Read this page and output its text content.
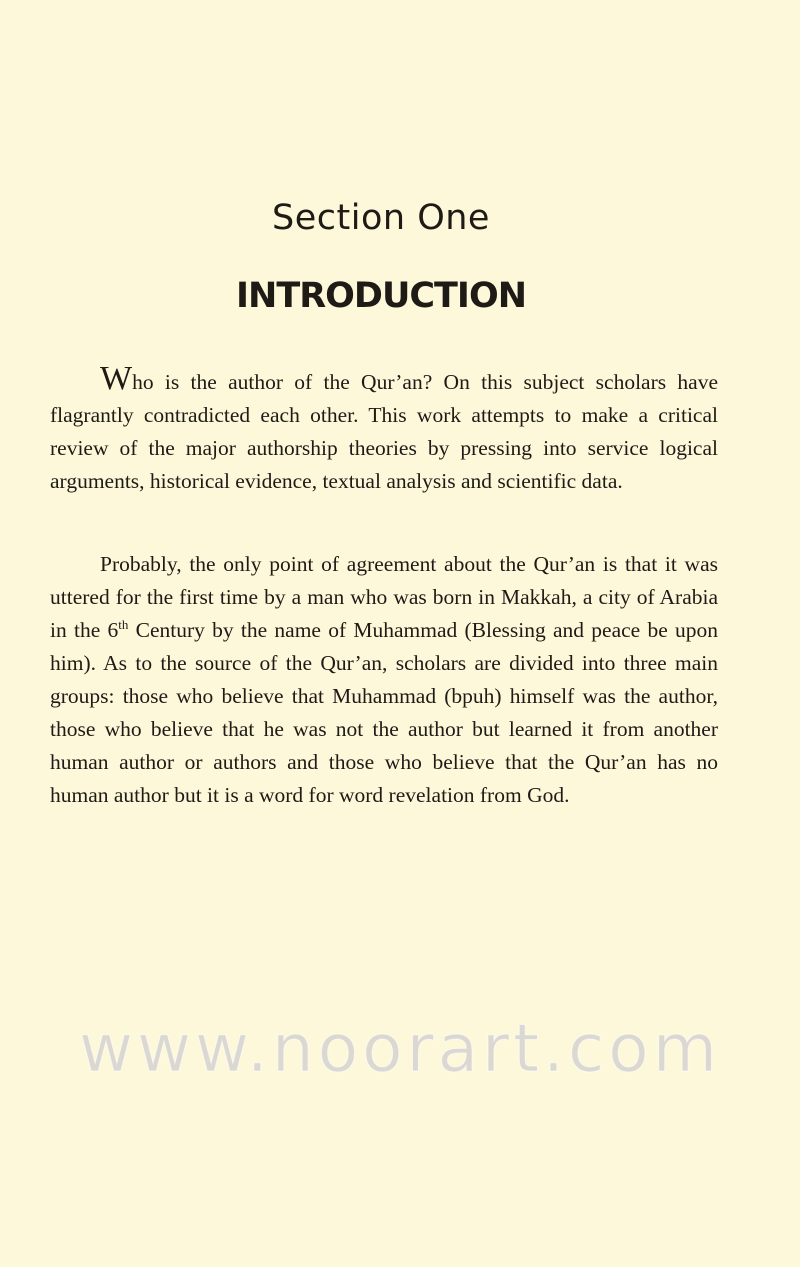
Section One
INTRODUCTION

Who is the author of the Qur’an? On this subject scholars have flagrantly contradicted each other. This work attempts to make a critical review of the major authorship theories by pressing into service logical arguments, historical evidence, textual analysis and scientific data.

Probably, the only point of agreement about the Qur’an is that it was uttered for the first time by a man who was born in Makkah, a city of Arabia in the 6th Century by the name of Muhammad (Blessing and peace be upon him). As to the source of the Qur’an, scholars are divided into three main groups: those who believe that Muhammad (bpuh) himself was the author, those who believe that he was not the author but learned it from another human author or authors and those who believe that the Qur’an has no human author but it is a word for word revelation from God.

www.noorart.com
